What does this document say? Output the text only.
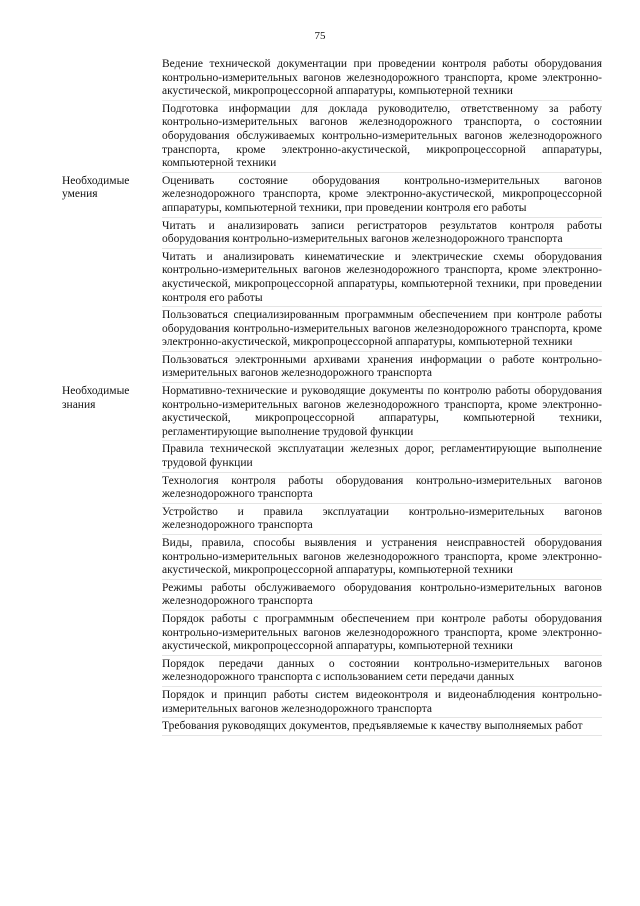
75
Ведение технической документации при проведении контроля работы оборудования контрольно-измерительных вагонов железнодорожного транспорта, кроме электронно-акустической, микропроцессорной аппаратуры, компьютерной техники
Подготовка информации для доклада руководителю, ответственному за работу контрольно-измерительных вагонов железнодорожного транспорта, о состоянии оборудования обслуживаемых контрольно-измерительных вагонов железнодорожного транспорта, кроме электронно-акустической, микропроцессорной аппаратуры, компьютерной техники
Необходимые умения
Оценивать состояние оборудования контрольно-измерительных вагонов железнодорожного транспорта, кроме электронно-акустической, микропроцессорной аппаратуры, компьютерной техники, при проведении контроля его работы
Читать и анализировать записи регистраторов результатов контроля работы оборудования контрольно-измерительных вагонов железнодорожного транспорта
Читать и анализировать кинематические и электрические схемы оборудования контрольно-измерительных вагонов железнодорожного транспорта, кроме электронно-акустической, микропроцессорной аппаратуры, компьютерной техники, при проведении контроля его работы
Пользоваться специализированным программным обеспечением при контроле работы оборудования контрольно-измерительных вагонов железнодорожного транспорта, кроме электронно-акустической, микропроцессорной аппаратуры, компьютерной техники
Пользоваться электронными архивами хранения информации о работе контрольно-измерительных вагонов железнодорожного транспорта
Необходимые знания
Нормативно-технические и руководящие документы по контролю работы оборудования контрольно-измерительных вагонов железнодорожного транспорта, кроме электронно-акустической, микропроцессорной аппаратуры, компьютерной техники, регламентирующие выполнение трудовой функции
Правила технической эксплуатации железных дорог, регламентирующие выполнение трудовой функции
Технология контроля работы оборудования контрольно-измерительных вагонов железнодорожного транспорта
Устройство и правила эксплуатации контрольно-измерительных вагонов железнодорожного транспорта
Виды, правила, способы выявления и устранения неисправностей оборудования контрольно-измерительных вагонов железнодорожного транспорта, кроме электронно-акустической, микропроцессорной аппаратуры, компьютерной техники
Режимы работы обслуживаемого оборудования контрольно-измерительных вагонов железнодорожного транспорта
Порядок работы с программным обеспечением при контроле работы оборудования контрольно-измерительных вагонов железнодорожного транспорта, кроме электронно-акустической, микропроцессорной аппаратуры, компьютерной техники
Порядок передачи данных о состоянии контрольно-измерительных вагонов железнодорожного транспорта с использованием сети передачи данных
Порядок и принцип работы систем видеоконтроля и видеонаблюдения контрольно-измерительных вагонов железнодорожного транспорта
Требования руководящих документов, предъявляемые к качеству выполняемых работ
